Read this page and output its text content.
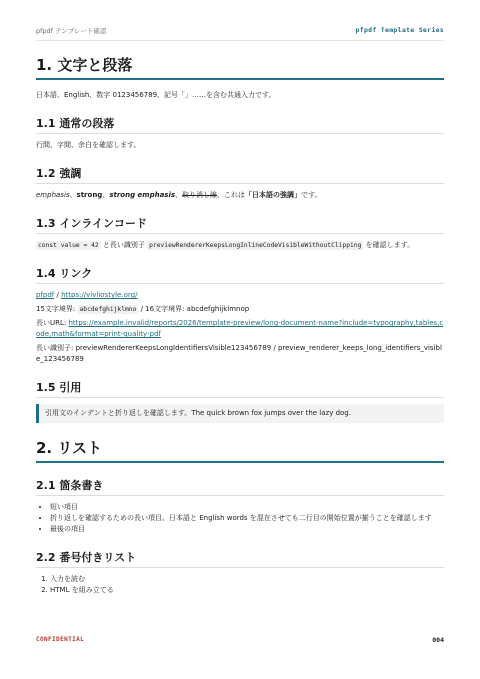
pfpdf テンプレート確認	pfpdf Template Series
1. 文字と段落

日本語、English、数字 0123456789、記号「」……を含む共通入力です。

1.1 通常の段落

行間、字間、余白を確認します。

1.2 強調

emphasis、strong、strong emphasis、取り消し線、これは「日本語の強調」です。

1.3 インラインコード

const value = 42 と長い識別子 previewRendererKeepsLongInlineCodeVisibleWithoutClipping を確認します。

1.4 リンク

pfpdf / https://vivliostyle.org/

15文字境界: abcdefghijklmno / 16文字境界: abcdefghijklmnop

長いURL: https://example.invalid/reports/2026/template-preview/long-document-name?include=typography,tables,code,math&format=print-quality-pdf

長い識別子: previewRendererKeepsLongIdentifiersVisible123456789 / preview_renderer_keeps_long_identifiers_visible_123456789

1.5 引用
引用文のインデントと折り返しを確認します。The quick brown fox jumps over the lazy dog.
2. リスト
2.1 箇条書き
• 短い項目
• 折り返しを確認するための長い項目。日本語と English words を混在させても二行目の開始位置が揃うことを確認します
• 最後の項目
2.2 番号付きリスト
1. 入力を読む
2. HTML を組み立てる
CONFIDENTIAL	004
